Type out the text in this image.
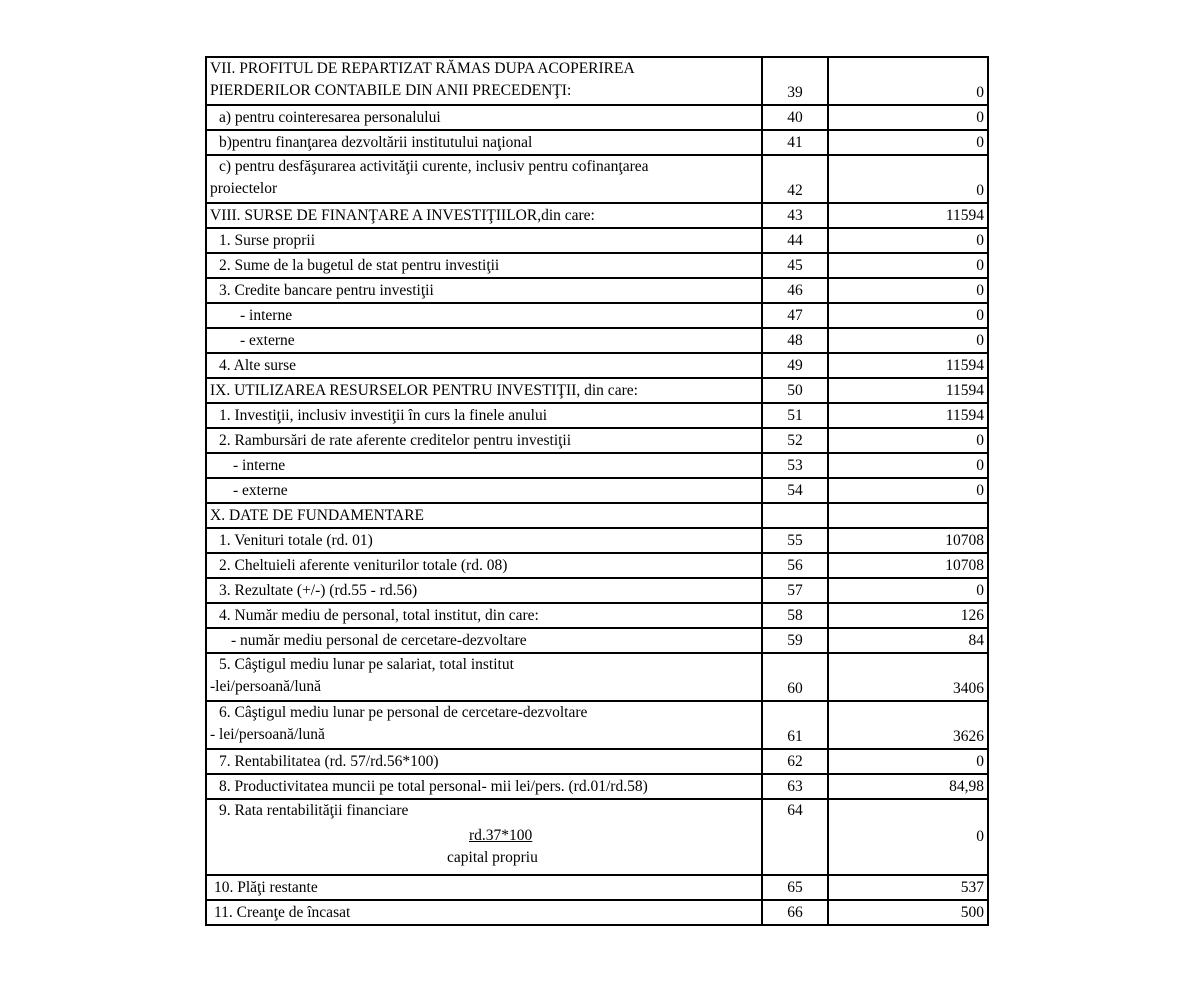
VII. PROFITUL DE REPARTIZAT RĂMAS DUPA ACOPERIREA
PIERDERILOR CONTABILE DIN ANII PRECEDENŢI:	39	0
a) pentru cointeresarea personalului	40	0
b)pentru finanţarea dezvoltării institutului naţional	41	0

c) pentru desfăşurarea activităţii curente, inclusiv pentru cofinanţarea
proiectelor	42	0
VIII. SURSE DE FINANŢARE A INVESTIŢIILOR,din care:	43	11594
1. Surse proprii	44	0
2. Sume de la bugetul de stat pentru investiţii	45	0
3. Credite bancare pentru investiţii	46	0
- interne	47	0
- externe	48	0
4. Alte surse	49	11594
IX. UTILIZAREA RESURSELOR PENTRU INVESTIŢII, din care:	50	11594
1. Investiţii, inclusiv investiţii în curs la finele anului	51	11594
2. Rambursări de rate aferente creditelor pentru investiţii	52	0
- interne	53	0
- externe	54	0
X. DATE DE FUNDAMENTARE		
1. Venituri totale (rd. 01)	55	10708
2. Cheltuieli aferente veniturilor totale (rd. 08)	56	10708
3. Rezultate (+/-) (rd.55 - rd.56)	57	0
4. Număr mediu de personal, total institut, din care:	58	126
- număr mediu personal de cercetare-dezvoltare	59	84

5. Câştigul mediu lunar pe salariat, total institut
-lei/persoană/lună	60	3406

6. Câştigul mediu lunar pe personal de cercetare-dezvoltare
- lei/persoană/lună	61	3626
7. Rentabilitatea (rd. 57/rd.56*100)	62	0
8. Productivitatea muncii pe total personal- mii lei/pers. (rd.01/rd.58)	63	84,98

9. Rata rentabilităţii financiare
rd.37*100
capital propriu	64	0
10. Plăţi restante	65	537
11. Creanţe de încasat	66	500
